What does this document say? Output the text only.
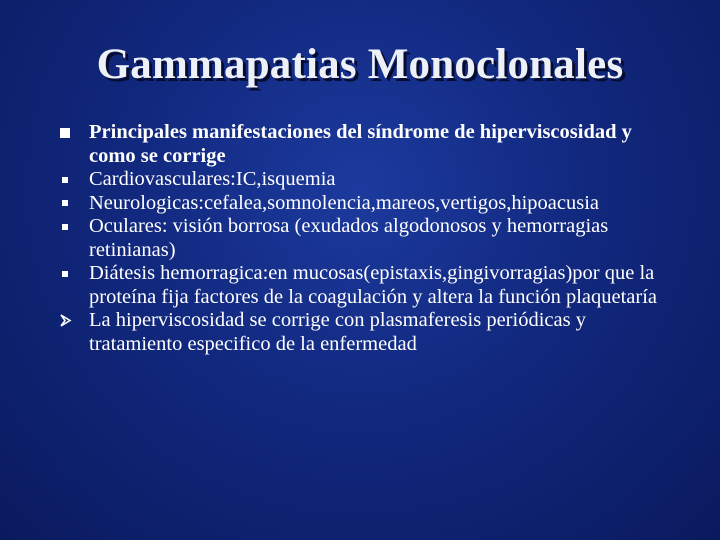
Gammapatias Monoclonales
Principales manifestaciones del síndrome de hiperviscosidad y como se corrige
Cardiovasculares:IC,isquemia
Neurologicas:cefalea,somnolencia,mareos,vertigos,hipoacusia
Oculares: visión borrosa (exudados algodonosos y hemorragias retinianas)
Diátesis hemorragica:en mucosas(epistaxis,gingivorragias)por que la proteína fija factores de la coagulación y altera la función plaquetaría
La hiperviscosidad se corrige con plasmaferesis periódicas y tratamiento especifico de la enfermedad
